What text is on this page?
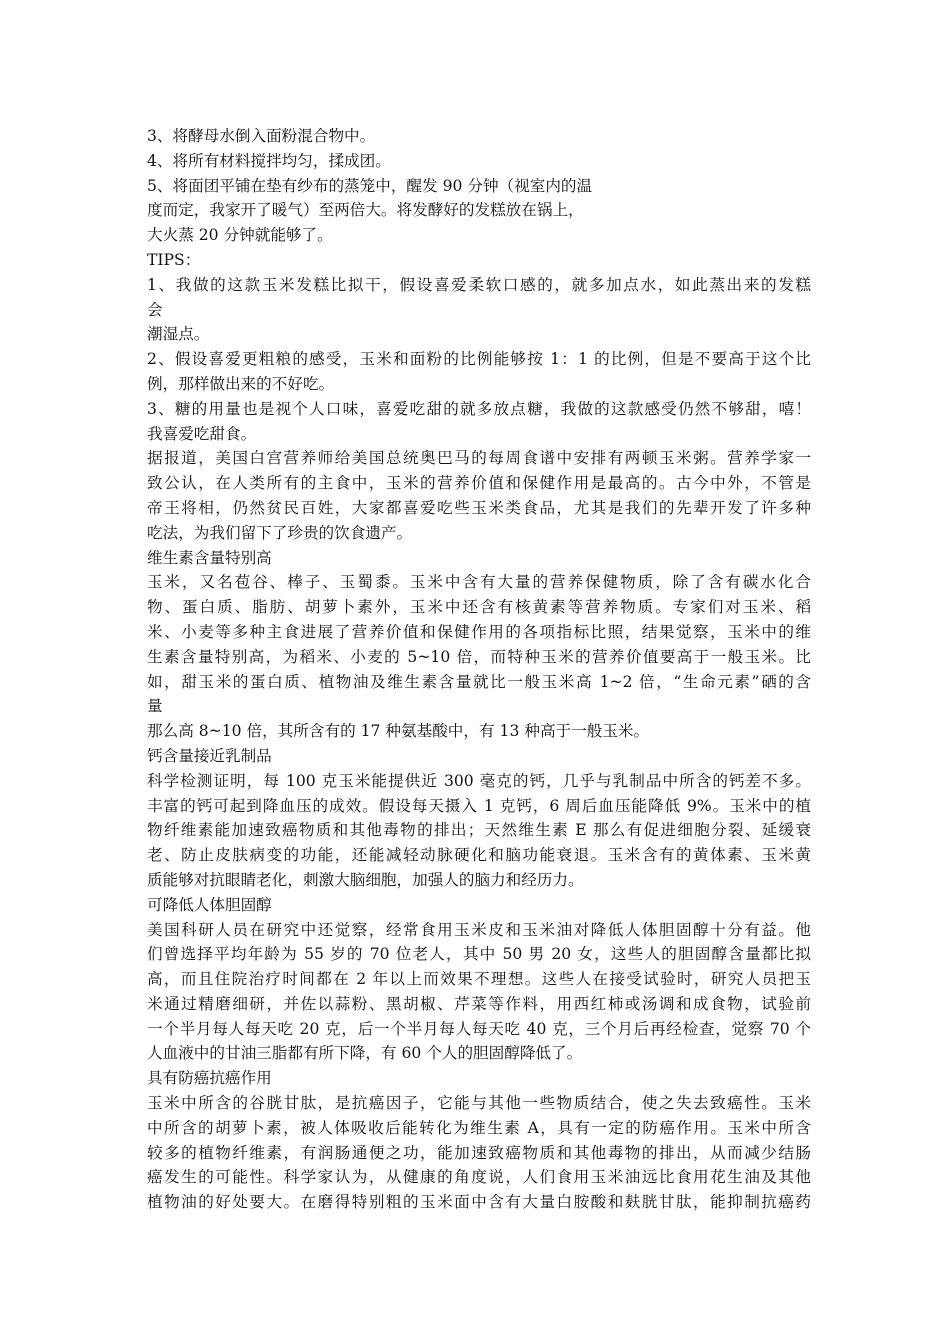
3、将酵母水倒入面粉混合物中。
4、将所有材料搅拌均匀，揉成团。
5、将面团平铺在垫有纱布的蒸笼中，醒发 90 分钟（视室内的温
度而定，我家开了暖气）至两倍大。将发酵好的发糕放在锅上，
大火蒸 20 分钟就能够了。
TIPS：
1、我做的这款玉米发糕比拟干，假设喜爱柔软口感的，就多加点水，如此蒸出来的发糕
会
潮湿点。
2、假设喜爱更粗粮的感受，玉米和面粉的比例能够按 1：1 的比例，但是不要高于这个比
例，那样做出来的不好吃。
3、糖的用量也是视个人口味，喜爱吃甜的就多放点糖，我做的这款感受仍然不够甜，嘻！
我喜爱吃甜食。
据报道，美国白宫营养师给美国总统奥巴马的每周食谱中安排有两顿玉米粥。营养学家一
致公认，在人类所有的主食中，玉米的营养价值和保健作用是最高的。古今中外，不管是
帝王将相，仍然贫民百姓，大家都喜爱吃些玉米类食品，尤其是我们的先辈开发了许多种
吃法，为我们留下了珍贵的饮食遗产。
维生素含量特别高
玉米，又名苞谷、棒子、玉蜀黍。玉米中含有大量的营养保健物质，除了含有碳水化合
物、蛋白质、脂肪、胡萝卜素外，玉米中还含有核黄素等营养物质。专家们对玉米、稻
米、小麦等多种主食进展了营养价值和保健作用的各项指标比照，结果觉察，玉米中的维
生素含量特别高，为稻米、小麦的 5~10 倍，而特种玉米的营养价值要高于一般玉米。比
如，甜玉米的蛋白质、植物油及维生素含量就比一般玉米高 1~2 倍，“生命元素”硒的含
量
那么高 8~10 倍，其所含有的 17 种氨基酸中，有 13 种高于一般玉米。
钙含量接近乳制品
科学检测证明，每 100 克玉米能提供近 300 毫克的钙，几乎与乳制品中所含的钙差不多。
丰富的钙可起到降血压的成效。假设每天摄入 1 克钙，6 周后血压能降低 9%。玉米中的植
物纤维素能加速致癌物质和其他毒物的排出；天然维生素 E 那么有促进细胞分裂、延缓衰
老、防止皮肤病变的功能，还能减轻动脉硬化和脑功能衰退。玉米含有的黄体素、玉米黄
质能够对抗眼睛老化，刺激大脑细胞，加强人的脑力和经历力。
可降低人体胆固醇
美国科研人员在研究中还觉察，经常食用玉米皮和玉米油对降低人体胆固醇十分有益。他
们曾选择平均年龄为 55 岁的 70 位老人，其中 50 男 20 女，这些人的胆固醇含量都比拟
高，而且住院治疗时间都在 2 年以上而效果不理想。这些人在接受试验时，研究人员把玉
米通过精磨细研，并佐以蒜粉、黑胡椒、芹菜等作料，用西红柿或汤调和成食物，试验前
一个半月每人每天吃 20 克，后一个半月每人每天吃 40 克，三个月后再经检查，觉察 70 个
人血液中的甘油三脂都有所下降，有 60 个人的胆固醇降低了。
具有防癌抗癌作用
玉米中所含的谷胱甘肽，是抗癌因子，它能与其他一些物质结合，使之失去致癌性。玉米
中所含的胡萝卜素，被人体吸收后能转化为维生素 A，具有一定的防癌作用。玉米中所含
较多的植物纤维素，有润肠通便之功，能加速致癌物质和其他毒物的排出，从而减少结肠
癌发生的可能性。科学家认为，从健康的角度说，人们食用玉米油远比食用花生油及其他
植物油的好处要大。在磨得特别粗的玉米面中含有大量白胺酸和麸胱甘肽，能抑制抗癌药
